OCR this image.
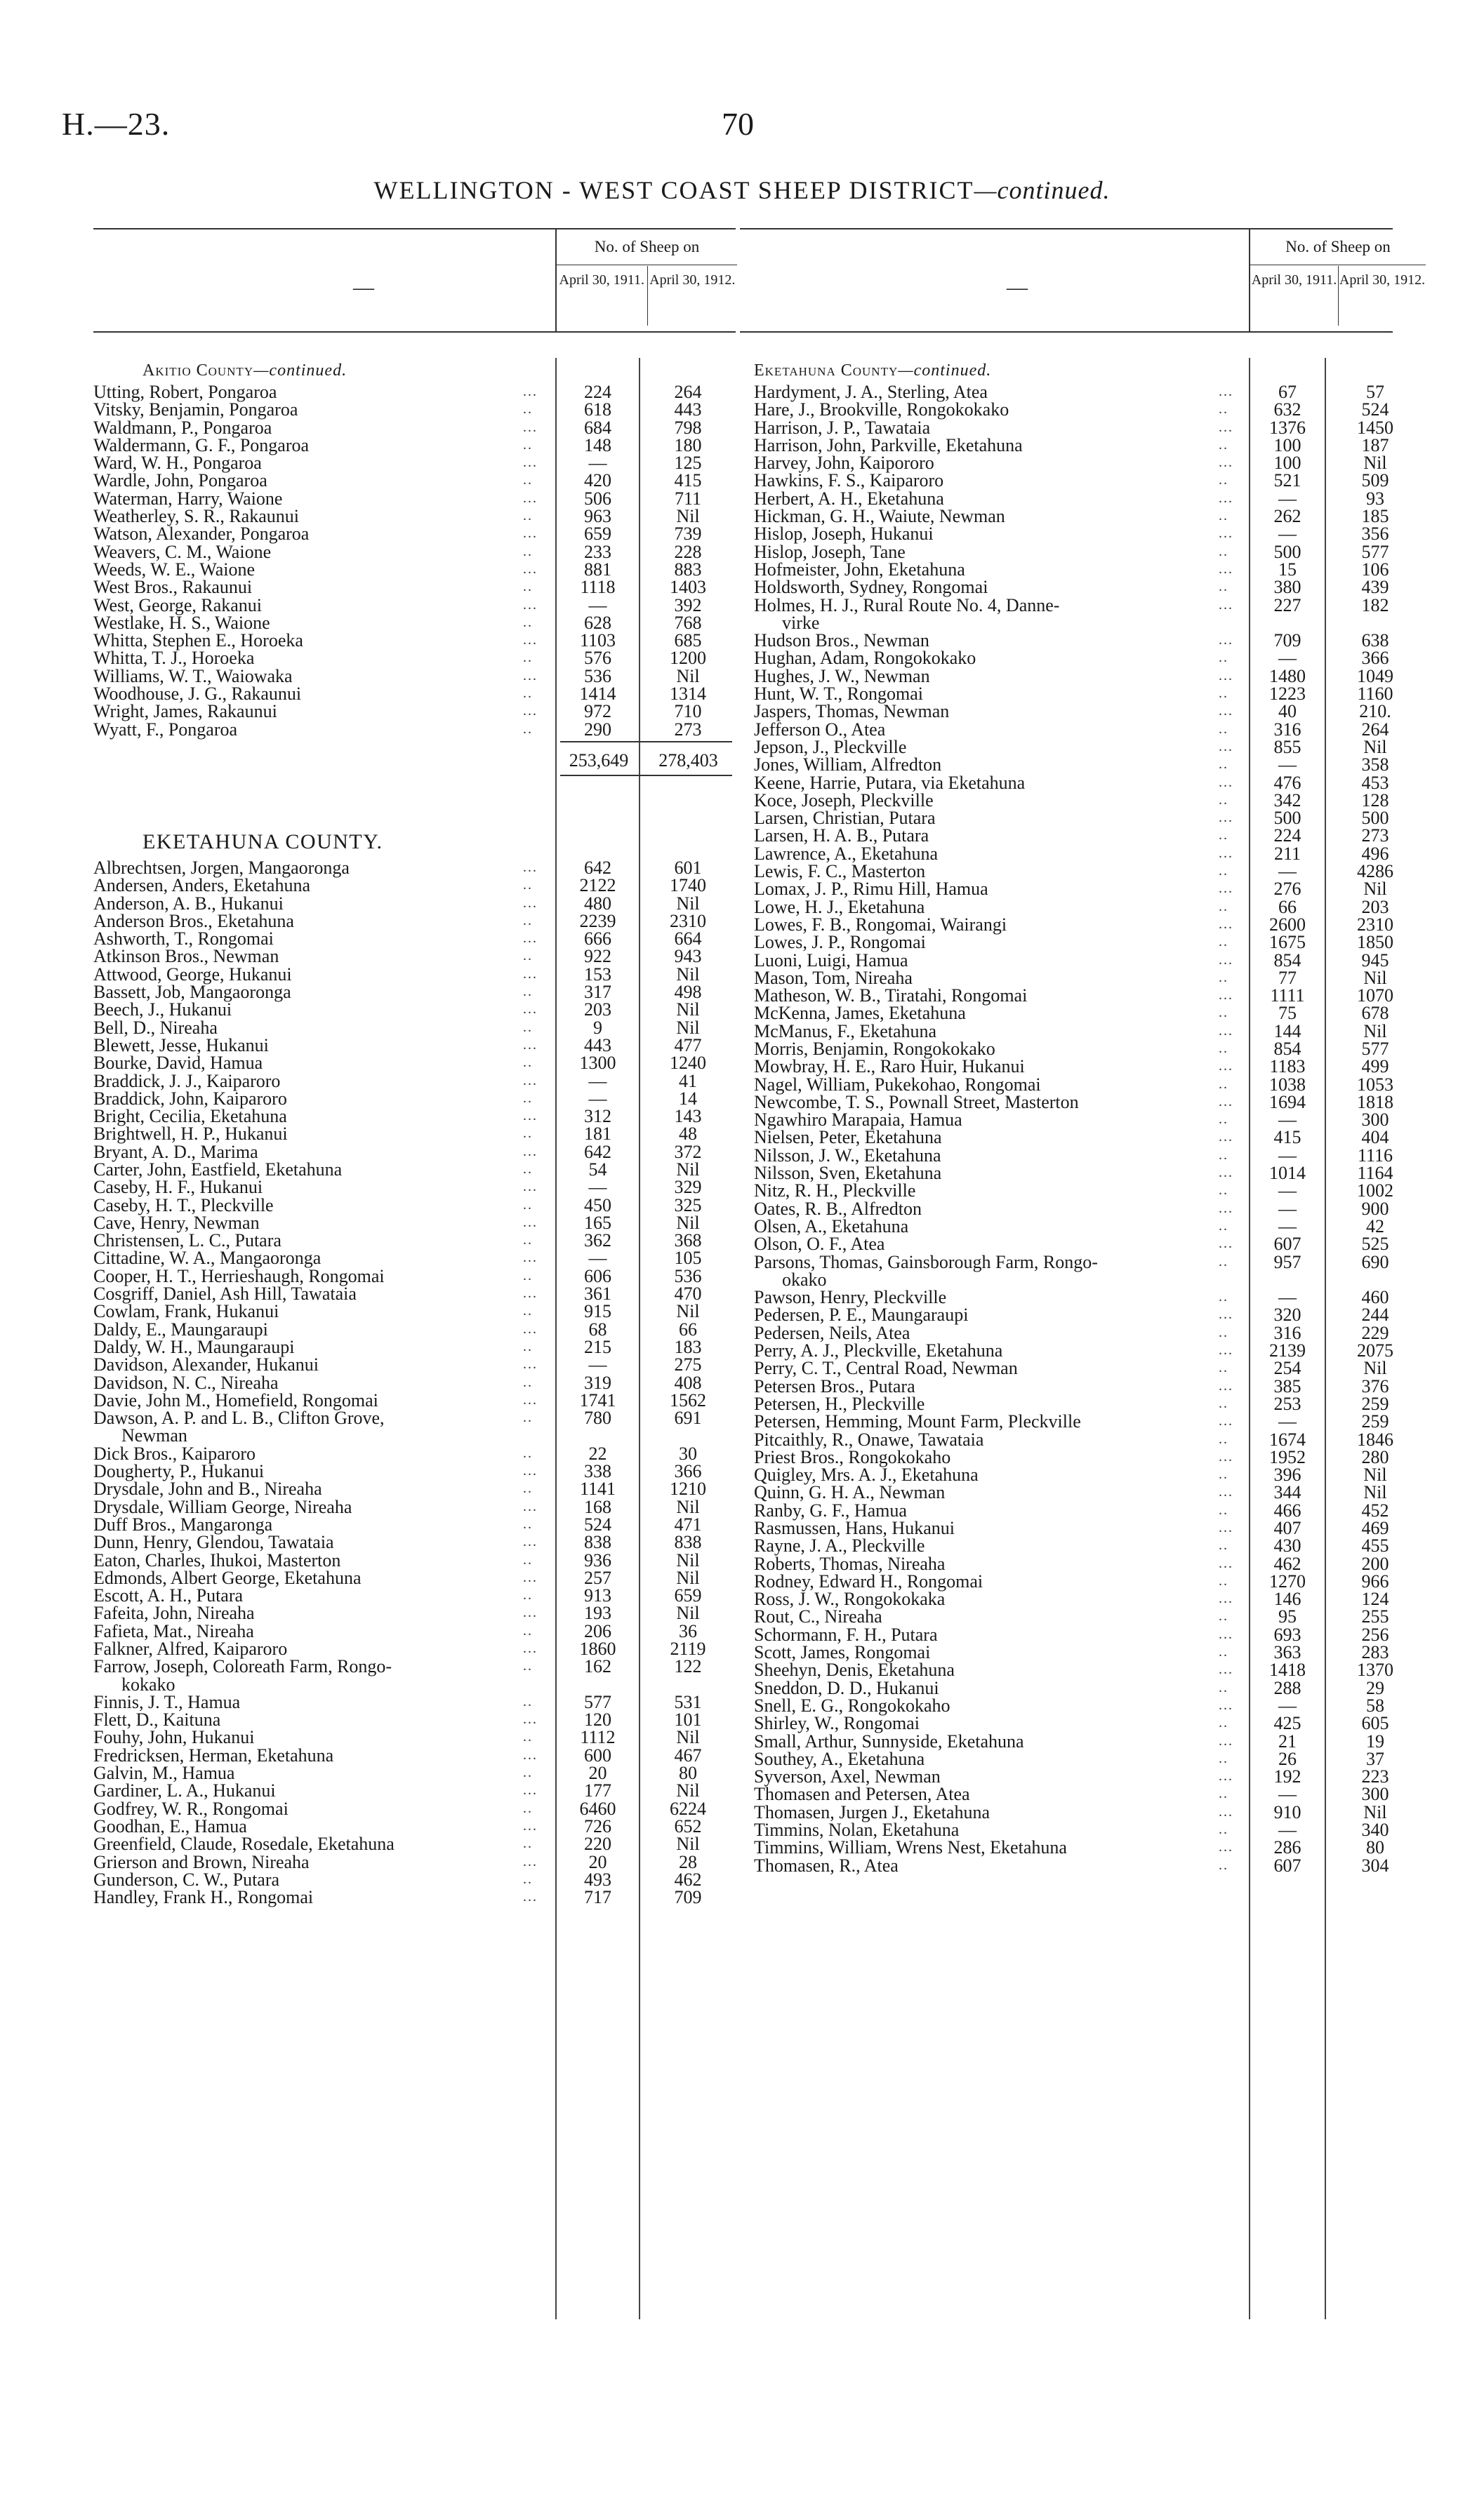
H.—23.	70
WELLINGTON - WEST COAST SHEEP DISTRICT—continued.
—
No. of Sheep on
April 30, 1911. April 30, 1912.
Akitio County—continued.
Utting, Robert, Pongaroa	...	224	264
Vitsky, Benjamin, Pongaroa	..	618	443
Waldmann, P., Pongaroa	...	684	798
Waldermann, G. F., Pongaroa	..	148	180
Ward, W. H., Pongaroa	...	—	125
Wardle, John, Pongaroa	..	420	415
Waterman, Harry, Waione	...	506	711
Weatherley, S. R., Rakaunui	..	963	Nil
Watson, Alexander, Pongaroa	...	659	739
Weavers, C. M., Waione	..	233	228
Weeds, W. E., Waione	...	881	883
West Bros., Rakaunui	..	1118	1403
West, George, Rakanui	...	—	392
Westlake, H. S., Waione	..	628	768
Whitta, Stephen E., Horoeka	...	1103	685
Whitta, T. J., Horoeka	..	576	1200
Williams, W. T., Waiowaka	...	536	Nil
Woodhouse, J. G., Rakaunui	..	1414	1314
Wright, James, Rakaunui	...	972	710
Wyatt, F., Pongaroa	..	290	273
253,649	278,403
EKETAHUNA COUNTY.
Albrechtsen, Jorgen, Mangaoronga	...	642	601
Andersen, Anders, Eketahuna	..	2122	1740
Anderson, A. B., Hukanui	...	480	Nil
Anderson Bros., Eketahuna	..	2239	2310
Ashworth, T., Rongomai	...	666	664
Atkinson Bros., Newman	..	922	943
Attwood, George, Hukanui	...	153	Nil
Bassett, Job, Mangaoronga	..	317	498
Beech, J., Hukanui	...	203	Nil
Bell, D., Nireaha	..	9	Nil
Blewett, Jesse, Hukanui	...	443	477
Bourke, David, Hamua	..	1300	1240
Braddick, J. J., Kaiparoro	...	—	41
Braddick, John, Kaiparoro	..	—	14
Bright, Cecilia, Eketahuna	...	312	143
Brightwell, H. P., Hukanui	..	181	48
Bryant, A. D., Marima	...	642	372
Carter, John, Eastfield, Eketahuna	..	54	Nil
Caseby, H. F., Hukanui	...	—	329
Caseby, H. T., Pleckville	..	450	325
Cave, Henry, Newman	...	165	Nil
Christensen, L. C., Putara	..	362	368
Cittadine, W. A., Mangaoronga	...	—	105
Cooper, H. T., Herrieshaugh, Rongomai	..	606	536
Cosgriff, Daniel, Ash Hill, Tawataia	...	361	470
Cowlam, Frank, Hukanui	..	915	Nil
Daldy, E., Maungaraupi	...	68	66
Daldy, W. H., Maungaraupi	..	215	183
Davidson, Alexander, Hukanui	...	—	275
Davidson, N. C., Nireaha	..	319	408
Davie, John M., Homefield, Rongomai	...	1741	1562
Dawson, A. P. and L. B., Clifton Grove,	..	780	691
Newman
Dick Bros., Kaiparoro	..	22	30
Dougherty, P., Hukanui	...	338	366
Drysdale, John and B., Nireaha	..	1141	1210
Drysdale, William George, Nireaha	...	168	Nil
Duff Bros., Mangaronga	..	524	471
Dunn, Henry, Glendou, Tawataia	...	838	838
Eaton, Charles, Ihukoi, Masterton	..	936	Nil
Edmonds, Albert George, Eketahuna	...	257	Nil
Escott, A. H., Putara	..	913	659
Fafeita, John, Nireaha	...	193	Nil
Fafieta, Mat., Nireaha	..	206	36
Falkner, Alfred, Kaiparoro	...	1860	2119
Farrow, Joseph, Coloreath Farm, Rongo-	..	162	122
kokako
Finnis, J. T., Hamua	..	577	531
Flett, D., Kaituna	...	120	101
Fouhy, John, Hukanui	..	1112	Nil
Fredricksen, Herman, Eketahuna	...	600	467
Galvin, M., Hamua	..	20	80
Gardiner, L. A., Hukanui	...	177	Nil
Godfrey, W. R., Rongomai	..	6460	6224
Goodhan, E., Hamua	...	726	652
Greenfield, Claude, Rosedale, Eketahuna	..	220	Nil
Grierson and Brown, Nireaha	...	20	28
Gunderson, C. W., Putara	..	493	462
Handley, Frank H., Rongomai	...	717	709
—
No. of Sheep on
April 30, 1911. April 30, 1912.
Eketahuna County—continued.
Hardyment, J. A., Sterling, Atea	...	67	57
Hare, J., Brookville, Rongokokako	..	632	524
Harrison, J. P., Tawataia	...	1376	1450
Harrison, John, Parkville, Eketahuna	..	100	187
Harvey, John, Kaipororo	...	100	Nil
Hawkins, F. S., Kaiparoro	..	521	509
Herbert, A. H., Eketahuna	...	—	93
Hickman, G. H., Waiute, Newman	..	262	185
Hislop, Joseph, Hukanui	...	—	356
Hislop, Joseph, Tane	..	500	577
Hofmeister, John, Eketahuna	...	15	106
Holdsworth, Sydney, Rongomai	..	380	439
Holmes, H. J., Rural Route No. 4, Danne-	...	227	182
virke
Hudson Bros., Newman	...	709	638
Hughan, Adam, Rongokokako	..	—	366
Hughes, J. W., Newman	...	1480	1049
Hunt, W. T., Rongomai	..	1223	1160
Jaspers, Thomas, Newman	...	40	210.
Jefferson O., Atea	..	316	264
Jepson, J., Pleckville	...	855	Nil
Jones, William, Alfredton	..	—	358
Keene, Harrie, Putara, via Eketahuna	...	476	453
Koce, Joseph, Pleckville	..	342	128
Larsen, Christian, Putara	...	500	500
Larsen, H. A. B., Putara	..	224	273
Lawrence, A., Eketahuna	...	211	496
Lewis, F. C., Masterton	..	—	4286
Lomax, J. P., Rimu Hill, Hamua	...	276	Nil
Lowe, H. J., Eketahuna	..	66	203
Lowes, F. B., Rongomai, Wairangi	...	2600	2310
Lowes, J. P., Rongomai	..	1675	1850
Luoni, Luigi, Hamua	...	854	945
Mason, Tom, Nireaha	..	77	Nil
Matheson, W. B., Tiratahi, Rongomai	...	1111	1070
McKenna, James, Eketahuna	..	75	678
McManus, F., Eketahuna	...	144	Nil
Morris, Benjamin, Rongokokako	..	854	577
Mowbray, H. E., Raro Huir, Hukanui	...	1183	499
Nagel, William, Pukekohao, Rongomai	..	1038	1053
Newcombe, T. S., Pownall Street, Masterton	...	1694	1818
Ngawhiro Marapaia, Hamua	..	—	300
Nielsen, Peter, Eketahuna	...	415	404
Nilsson, J. W., Eketahuna	..	—	1116
Nilsson, Sven, Eketahuna	...	1014	1164
Nitz, R. H., Pleckville	..	—	1002
Oates, R. B., Alfredton	...	—	900
Olsen, A., Eketahuna	..	—	42
Olson, O. F., Atea	...	607	525
Parsons, Thomas, Gainsborough Farm, Rongo-	..	957	690
okako
Pawson, Henry, Pleckville	..	—	460
Pedersen, P. E., Maungaraupi	...	320	244
Pedersen, Neils, Atea	..	316	229
Perry, A. J., Pleckville, Eketahuna	...	2139	2075
Perry, C. T., Central Road, Newman	..	254	Nil
Petersen Bros., Putara	...	385	376
Petersen, H., Pleckville	..	253	259
Petersen, Hemming, Mount Farm, Pleckville	...	—	259
Pitcaithly, R., Onawe, Tawataia	..	1674	1846
Priest Bros., Rongokokaho	...	1952	280
Quigley, Mrs. A. J., Eketahuna	..	396	Nil
Quinn, G. H. A., Newman	...	344	Nil
Ranby, G. F., Hamua	..	466	452
Rasmussen, Hans, Hukanui	...	407	469
Rayne, J. A., Pleckville	..	430	455
Roberts, Thomas, Nireaha	...	462	200
Rodney, Edward H., Rongomai	..	1270	966
Ross, J. W., Rongokokaka	...	146	124
Rout, C., Nireaha	..	95	255
Schormann, F. H., Putara	...	693	256
Scott, James, Rongomai	..	363	283
Sheehyn, Denis, Eketahuna	...	1418	1370
Sneddon, D. D., Hukanui	..	288	29
Snell, E. G., Rongokokaho	...	—	58
Shirley, W., Rongomai	..	425	605
Small, Arthur, Sunnyside, Eketahuna	...	21	19
Southey, A., Eketahuna	..	26	37
Syverson, Axel, Newman	...	192	223
Thomasen and Petersen, Atea	..	—	300
Thomasen, Jurgen J., Eketahuna	...	910	Nil
Timmins, Nolan, Eketahuna	..	—	340
Timmins, William, Wrens Nest, Eketahuna	...	286	80
Thomasen, R., Atea	..	607	304
